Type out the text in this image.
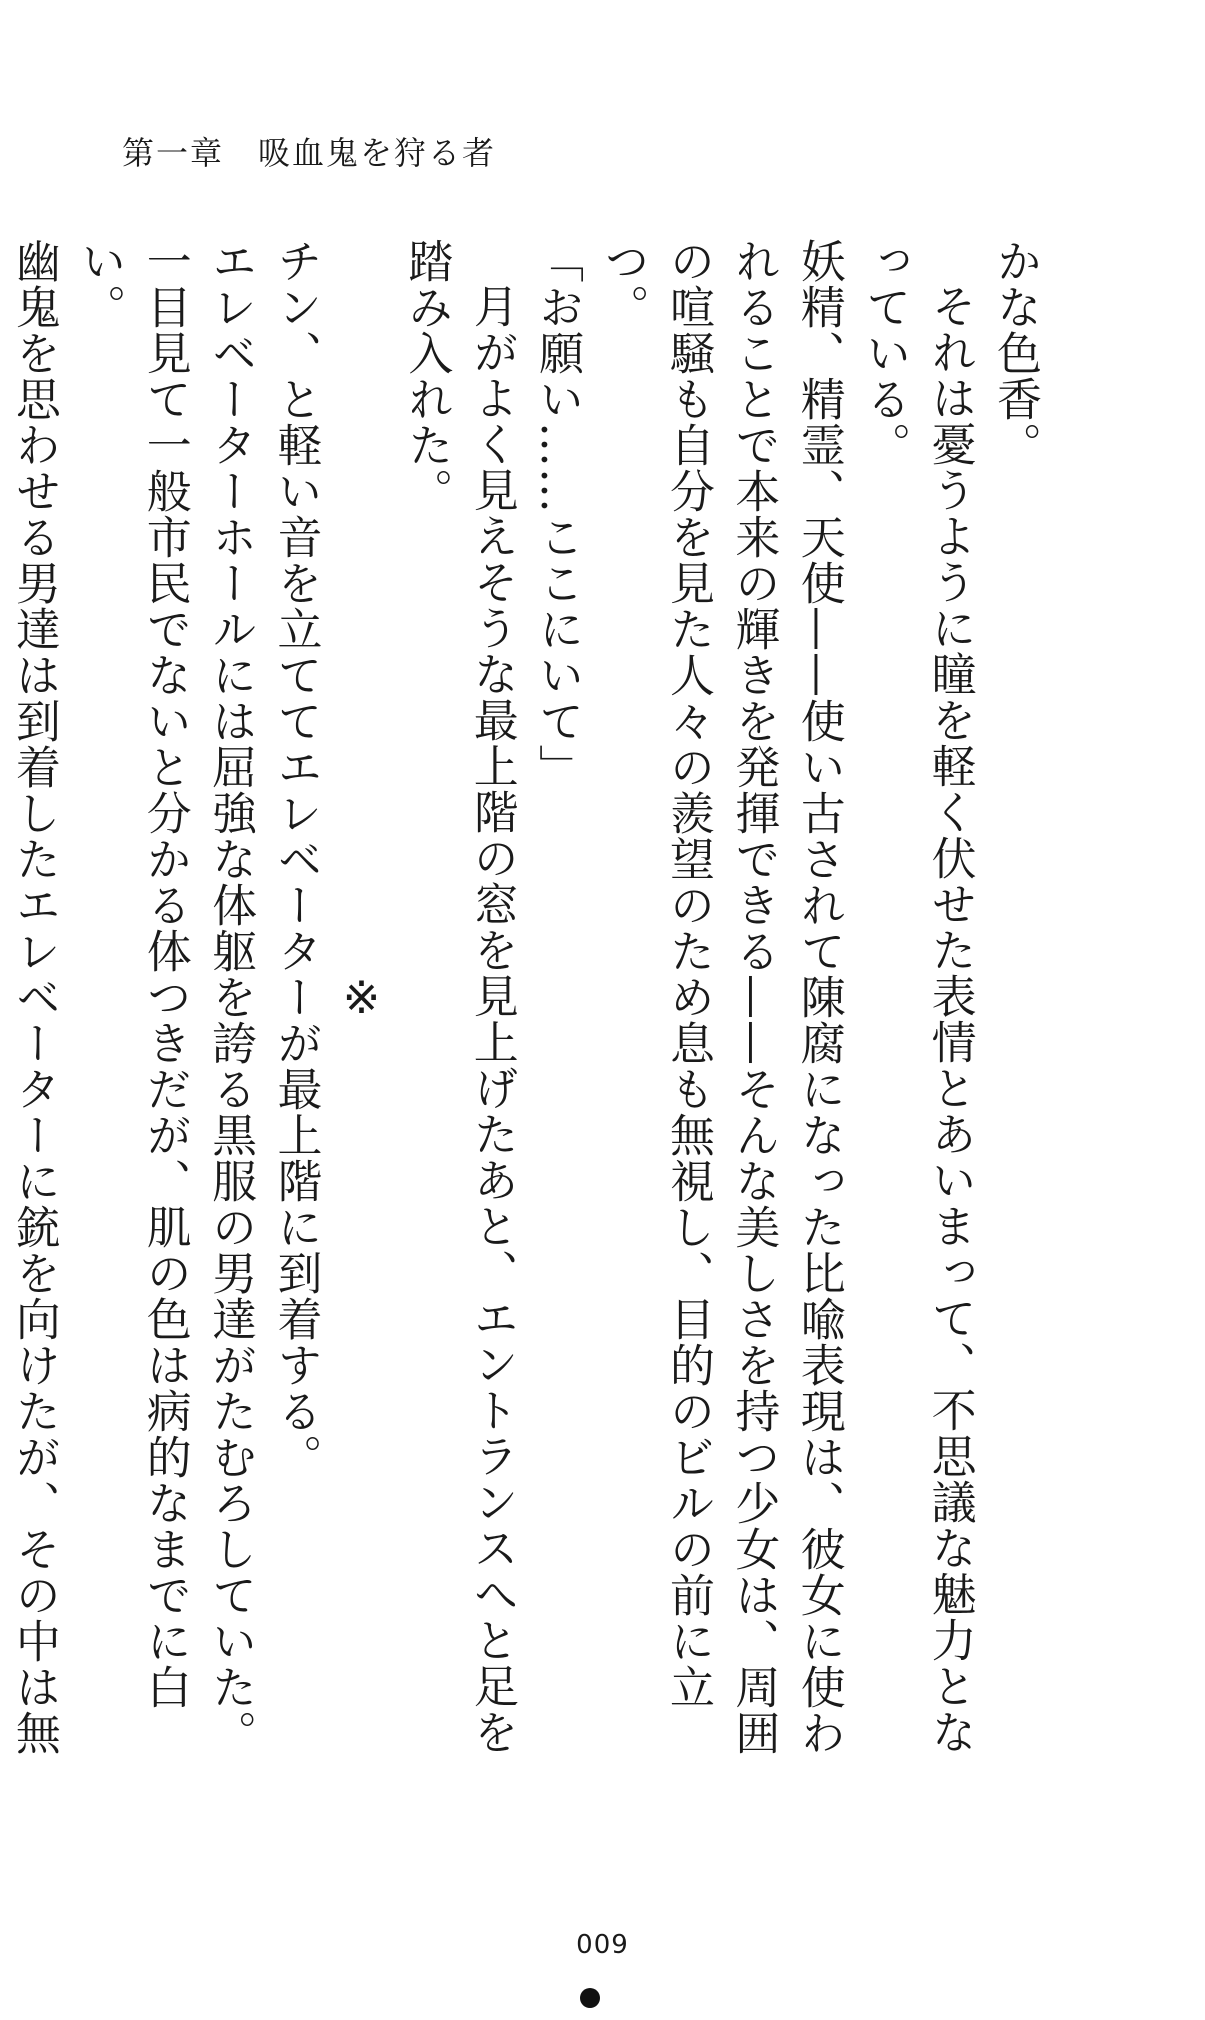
第一章　吸血鬼を狩る者

かな色香。

それは憂うように瞳を軽く伏せた表情とあいまって、不思議な魅力となっている。

妖精、精霊、天使——使い古されて陳腐になった比喩表現は、彼女に使われることで本来の輝きを発揮できる——そんな美しさを持つ少女は、周囲の喧騒も自分を見た人々の羨望のため息も無視し、目的のビルの前に立つ。

「お願い……ここにいて」

月がよく見えそうな最上階の窓を見上げたあと、エントランスへと足を踏み入れた。

※

チン、と軽い音を立ててエレベーターが最上階に到着する。

エレベーターホールには屈強な体躯を誇る黒服の男達がたむろしていた。一目見て一般市民でないと分かる体つきだが、肌の色は病的なまでに白い。

幽鬼を思わせる男達は到着したエレベーターに銃を向けたが、その中は無

009
